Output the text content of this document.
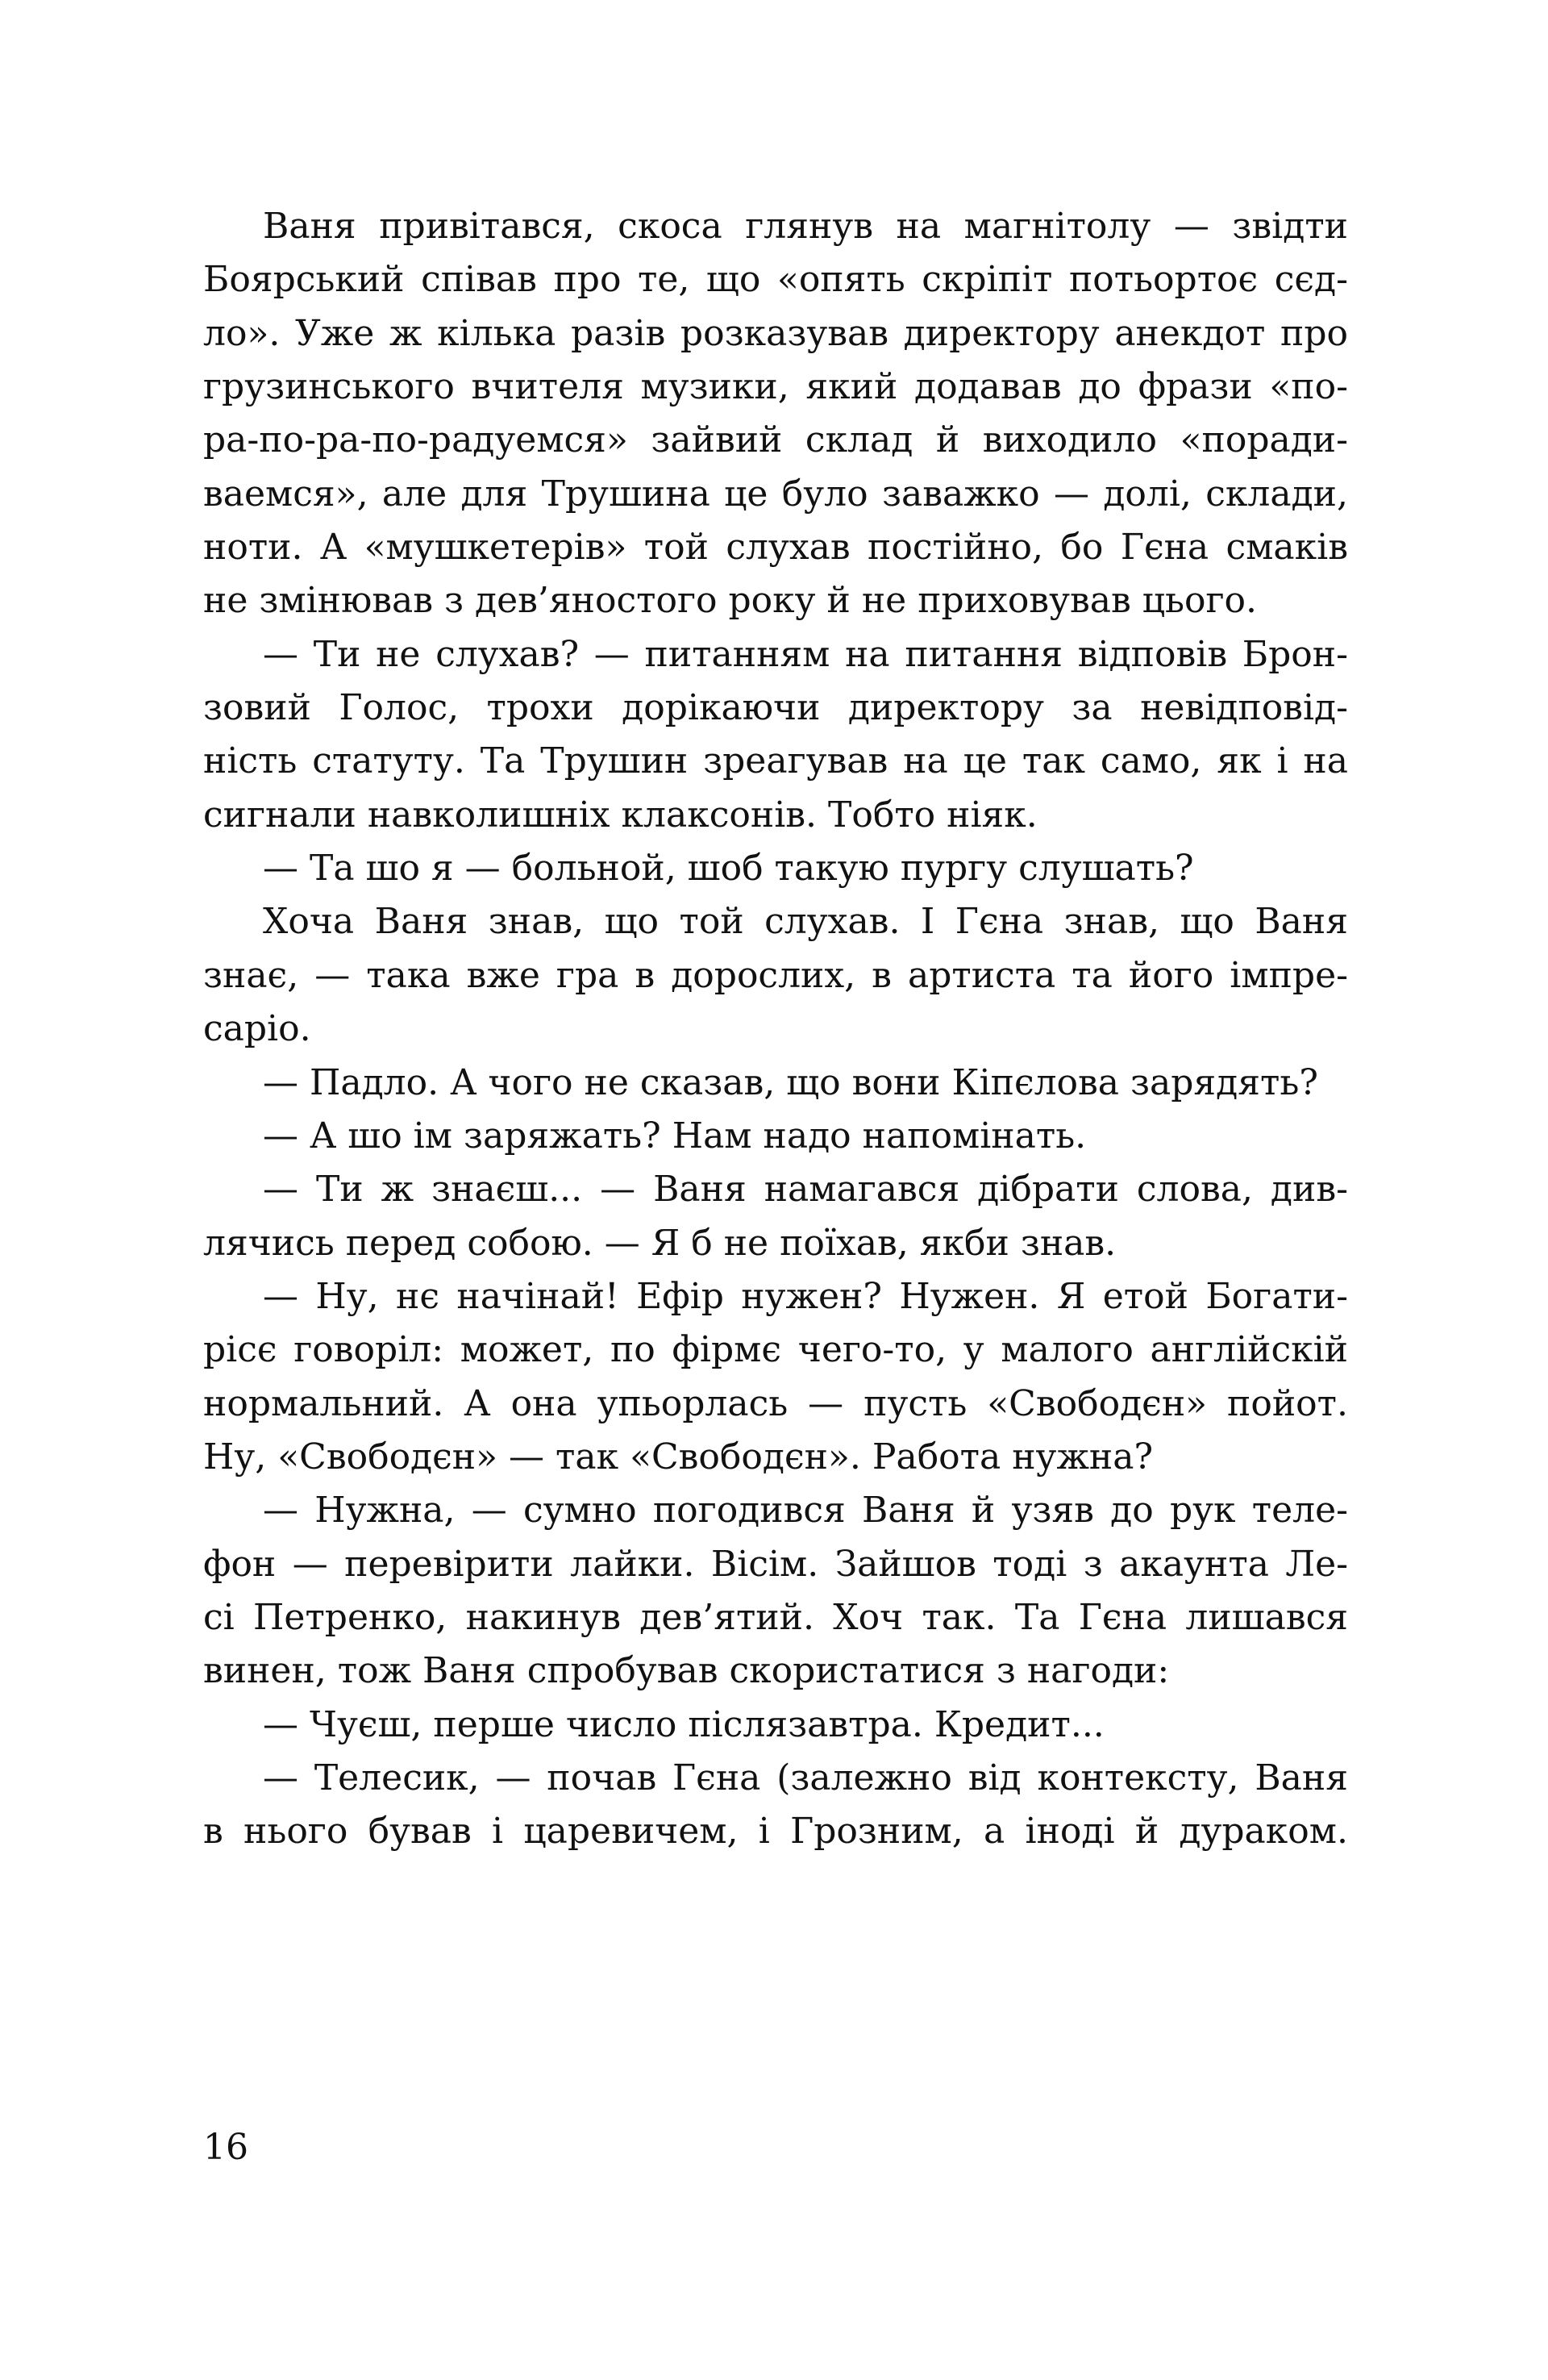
Ваня привітався, скоса глянув на магнітолу — звідти
Боярський співав про те, що «опять скріпіт потьортоє сєд-
ло». Уже ж кілька разів розказував директору анекдот про
грузинського вчителя музики, який додавав до фрази «по-
ра-по-ра-по-радуемся» зайвий склад й виходило «поради-
ваемся», але для Трушина це було заважко — долі, склади,
ноти. А «мушкетерів» той слухав постійно, бо Гєна смаків
не змінював з дев’яностого року й не приховував цього.
— Ти не слухав? — питанням на питання відповів Брон-
зовий Голос, трохи дорікаючи директору за невідповід-
ність статуту. Та Трушин зреагував на це так само, як і на
сигнали навколишніх клаксонів. Тобто ніяк.
— Та шо я — больной, шоб такую пургу слушать?
Хоча Ваня знав, що той слухав. І Гєна знав, що Ваня
знає, — така вже гра в дорослих, в артиста та його імпре-
саріо.
— Падло. А чого не сказав, що вони Кіпєлова зарядять?
— А шо ім заряжать? Нам надо напомінать.
— Ти ж знаєш... — Ваня намагався дібрати слова, див-
лячись перед собою. — Я б не поїхав, якби знав.
— Ну, нє начінай! Ефір нужен? Нужен. Я етой Богати-
рісє говоріл: может, по фірмє чего-то, у малого англійскій
нормальний. А она упьорлась — пусть «Свободєн» пойот.
Ну, «Свободєн» — так «Свободєн». Работа нужна?
— Нужна, — сумно погодився Ваня й узяв до рук теле-
фон — перевірити лайки. Вісім. Зайшов тоді з акаунта Ле-
сі Петренко, накинув дев’ятий. Хоч так. Та Гєна лишався
винен, тож Ваня спробував скористатися з нагоди:
— Чуєш, перше число післязавтра. Кредит...
— Телесик, — почав Гєна (залежно від контексту, Ваня
в нього бував і царевичем, і Грозним, а іноді й дураком.
16
